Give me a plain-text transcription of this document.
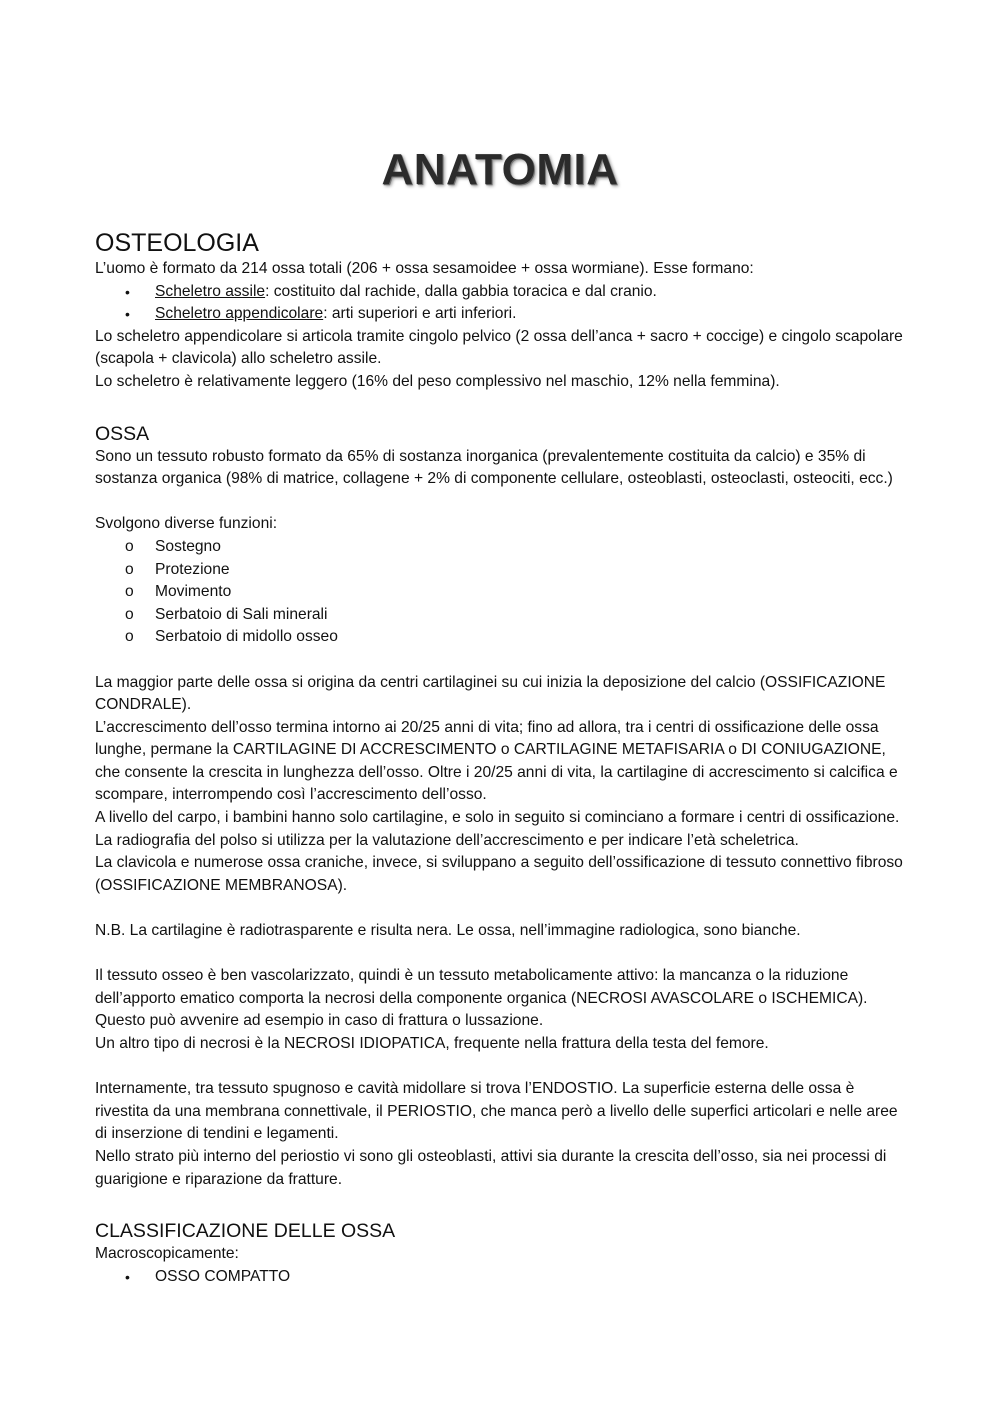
ANATOMIA
OSTEOLOGIA

L’uomo è formato da 214 ossa totali (206 + ossa sesamoidee + ossa wormiane). Esse formano:

• Scheletro assile: costituito dal rachide, dalla gabbia toracica e dal cranio.
• Scheletro appendicolare: arti superiori e arti inferiori.

Lo scheletro appendicolare si articola tramite cingolo pelvico (2 ossa dell’anca + sacro + coccige) e cingolo scapolare (scapola + clavicola) allo scheletro assile.

Lo scheletro è relativamente leggero (16% del peso complessivo nel maschio, 12% nella femmina).

OSSA

Sono un tessuto robusto formato da 65% di sostanza inorganica (prevalentemente costituita da calcio) e 35% di sostanza organica (98% di matrice, collagene + 2% di componente cellulare, osteoblasti, osteoclasti, osteociti, ecc.)

Svolgono diverse funzioni:

o Sostegno
o Protezione
o Movimento
o Serbatoio di Sali minerali
o Serbatoio di midollo osseo

La maggior parte delle ossa si origina da centri cartilaginei su cui inizia la deposizione del calcio (OSSIFICAZIONE CONDRALE).

L’accrescimento dell’osso termina intorno ai 20/25 anni di vita; fino ad allora, tra i centri di ossificazione delle ossa lunghe, permane la CARTILAGINE DI ACCRESCIMENTO o CARTILAGINE METAFISARIA o DI CONIUGAZIONE, che consente la crescita in lunghezza dell’osso. Oltre i 20/25 anni di vita, la cartilagine di accrescimento si calcifica e scompare, interrompendo così l’accrescimento dell’osso.

A livello del carpo, i bambini hanno solo cartilagine, e solo in seguito si cominciano a formare i centri di ossificazione. La radiografia del polso si utilizza per la valutazione dell’accrescimento e per indicare l’età scheletrica.

La clavicola e numerose ossa craniche, invece, si sviluppano a seguito dell’ossificazione di tessuto connettivo fibroso (OSSIFICAZIONE MEMBRANOSA).

N.B. La cartilagine è radiotrasparente e risulta nera. Le ossa, nell’immagine radiologica, sono bianche.

Il tessuto osseo è ben vascolarizzato, quindi è un tessuto metabolicamente attivo: la mancanza o la riduzione dell’apporto ematico comporta la necrosi della componente organica (NECROSI AVASCOLARE o ISCHEMICA). Questo può avvenire ad esempio in caso di frattura o lussazione.

Un altro tipo di necrosi è la NECROSI IDIOPATICA, frequente nella frattura della testa del femore.

Internamente, tra tessuto spugnoso e cavità midollare si trova l’ENDOSTIO. La superficie esterna delle ossa è rivestita da una membrana connettivale, il PERIOSTIO, che manca però a livello delle superfici articolari e nelle aree di inserzione di tendini e legamenti.

Nello strato più interno del periostio vi sono gli osteoblasti, attivi sia durante la crescita dell’osso, sia nei processi di guarigione e riparazione da fratture.

CLASSIFICAZIONE DELLE OSSA

Macroscopicamente:

• OSSO COMPATTO
